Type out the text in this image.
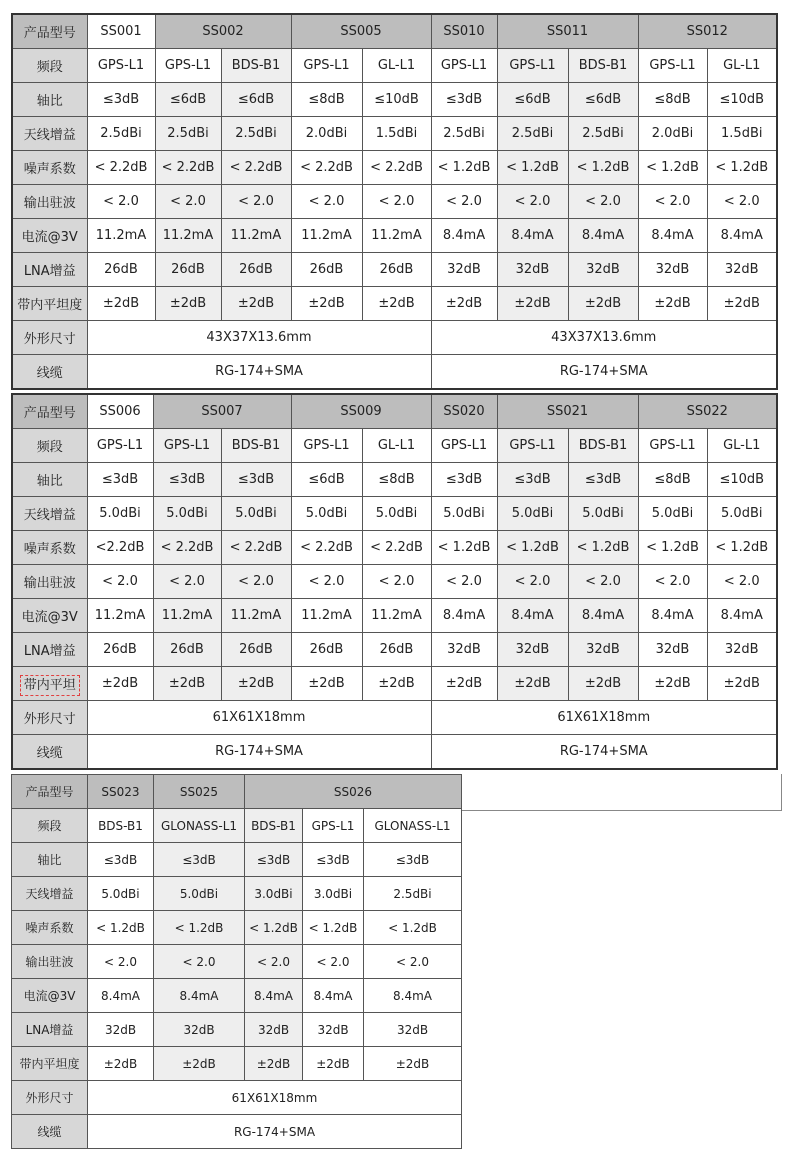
产品型号	SS001	SS002		SS005		SS010	SS011		SS012	
频段	GPS-L1	GPS-L1	BDS-B1	GPS-L1	GL-L1	GPS-L1	GPS-L1	BDS-B1	GPS-L1	GL-L1
轴比	≤3dB	≤6dB	≤6dB	≤8dB	≤10dB	≤3dB	≤6dB	≤6dB	≤8dB	≤10dB
天线增益	2.5dBi	2.5dBi	2.5dBi	2.0dBi	1.5dBi	2.5dBi	2.5dBi	2.5dBi	2.0dBi	1.5dBi
噪声系数	< 2.2dB	< 2.2dB	< 2.2dB	< 2.2dB	< 2.2dB	< 1.2dB	< 1.2dB	< 1.2dB	< 1.2dB	< 1.2dB
输出驻波	< 2.0	< 2.0	< 2.0	< 2.0	< 2.0	< 2.0	< 2.0	< 2.0	< 2.0	< 2.0
电流@3V	11.2mA	11.2mA	11.2mA	11.2mA	11.2mA	8.4mA	8.4mA	8.4mA	8.4mA	8.4mA
LNA增益	26dB	26dB	26dB	26dB	26dB	32dB	32dB	32dB	32dB	32dB
带内平坦度	±2dB	±2dB	±2dB	±2dB	±2dB	±2dB	±2dB	±2dB	±2dB	±2dB
外形尺寸	43X37X13.6mm					43X37X13.6mm				
线缆	RG-174+SMA					RG-174+SMA				
产品型号	SS006	SS007		SS009		SS020	SS021		SS022	
频段	GPS-L1	GPS-L1	BDS-B1	GPS-L1	GL-L1	GPS-L1	GPS-L1	BDS-B1	GPS-L1	GL-L1
轴比	≤3dB	≤3dB	≤3dB	≤6dB	≤8dB	≤3dB	≤3dB	≤3dB	≤8dB	≤10dB
天线增益	5.0dBi	5.0dBi	5.0dBi	5.0dBi	5.0dBi	5.0dBi	5.0dBi	5.0dBi	5.0dBi	5.0dBi
噪声系数	<2.2dB	< 2.2dB	< 2.2dB	< 2.2dB	< 2.2dB	< 1.2dB	< 1.2dB	< 1.2dB	< 1.2dB	< 1.2dB
输出驻波	< 2.0	< 2.0	< 2.0	< 2.0	< 2.0	< 2.0	< 2.0	< 2.0	< 2.0	< 2.0
电流@3V	11.2mA	11.2mA	11.2mA	11.2mA	11.2mA	8.4mA	8.4mA	8.4mA	8.4mA	8.4mA
LNA增益	26dB	26dB	26dB	26dB	26dB	32dB	32dB	32dB	32dB	32dB
带内平坦	±2dB	±2dB	±2dB	±2dB	±2dB	±2dB	±2dB	±2dB	±2dB	±2dB
外形尺寸	61X61X18mm					61X61X18mm				
线缆	RG-174+SMA					RG-174+SMA				
产品型号	SS023	SS025	SS026		
频段	BDS-B1	GLONASS-L1	BDS-B1	GPS-L1	GLONASS-L1
轴比	≤3dB	≤3dB	≤3dB	≤3dB	≤3dB
天线增益	5.0dBi	5.0dBi	3.0dBi	3.0dBi	2.5dBi
噪声系数	< 1.2dB	< 1.2dB	< 1.2dB	< 1.2dB	< 1.2dB
输出驻波	< 2.0	< 2.0	< 2.0	< 2.0	< 2.0
电流@3V	8.4mA	8.4mA	8.4mA	8.4mA	8.4mA
LNA增益	32dB	32dB	32dB	32dB	32dB
带内平坦度	±2dB	±2dB	±2dB	±2dB	±2dB
外形尺寸	61X61X18mm				
线缆	RG-174+SMA				
